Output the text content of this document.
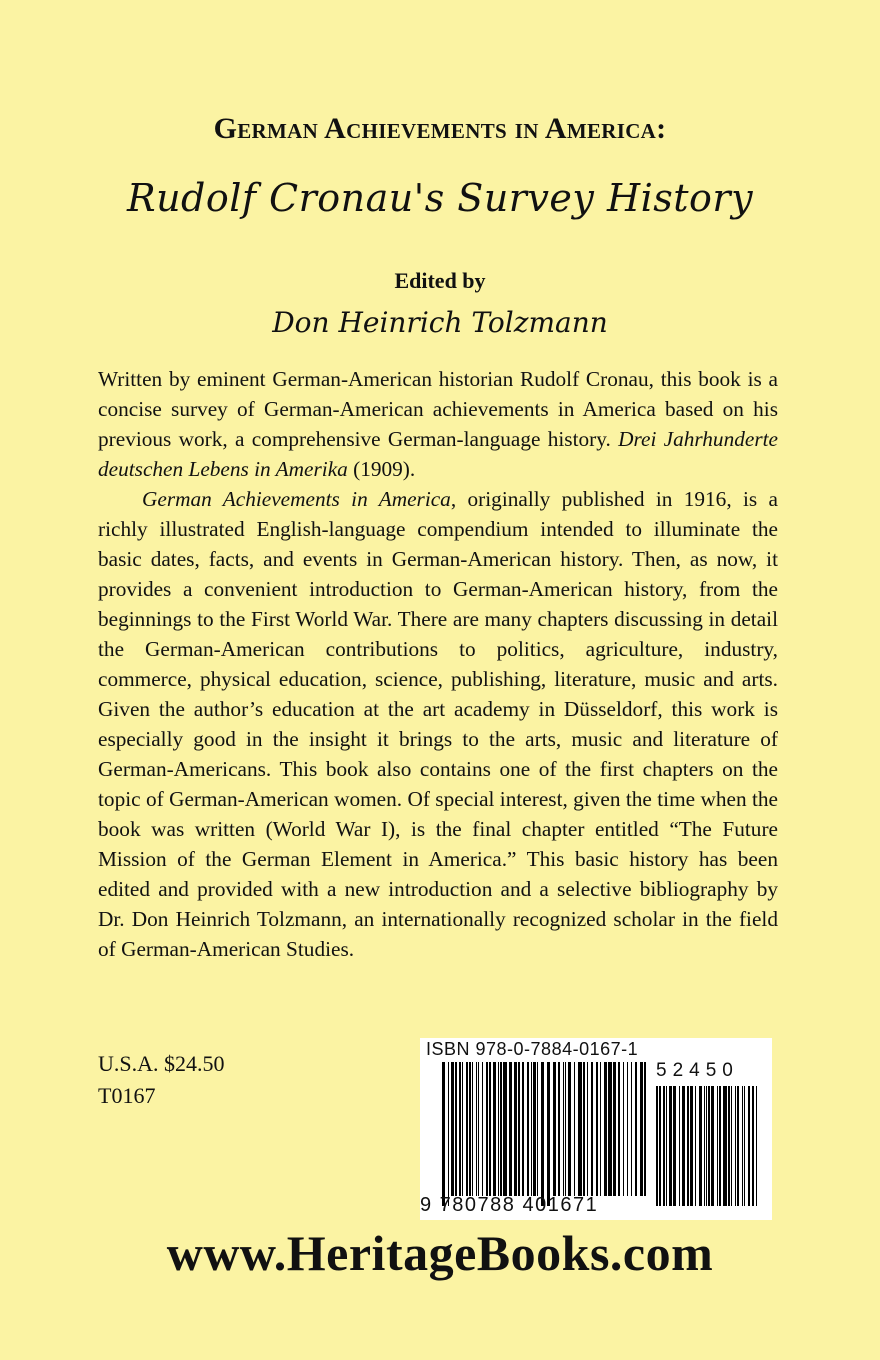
German Achievements in America:
Rudolf Cronau's Survey History
Edited by
Don Heinrich Tolzmann

Written by eminent German-American historian Rudolf Cronau, this book is a concise survey of German-American achievements in America based on his previous work, a comprehensive German-language history. Drei Jahrhunderte deutschen Lebens in Amerika (1909).

German Achievements in America, originally published in 1916, is a richly illustrated English-language compendium intended to illuminate the basic dates, facts, and events in German-American history. Then, as now, it provides a convenient introduction to German-American history, from the beginnings to the First World War. There are many chapters discussing in detail the German-American contributions to politics, agriculture, industry, commerce, physical education, science, publishing, literature, music and arts. Given the author’s education at the art academy in Düsseldorf, this work is especially good in the insight it brings to the arts, music and literature of German-Americans. This book also contains one of the first chapters on the topic of German-American women. Of special interest, given the time when the book was written (World War I), is the final chapter entitled “The Future Mission of the German Element in America.” This basic history has been edited and provided with a new introduction and a selective bibliography by Dr. Don Heinrich Tolzmann, an internationally recognized scholar in the field of German-American Studies.

U.S.A. $24.50
T0167
ISBN 978-0-7884-0167-1
52450
9 780788 401671
www.HeritageBooks.com
